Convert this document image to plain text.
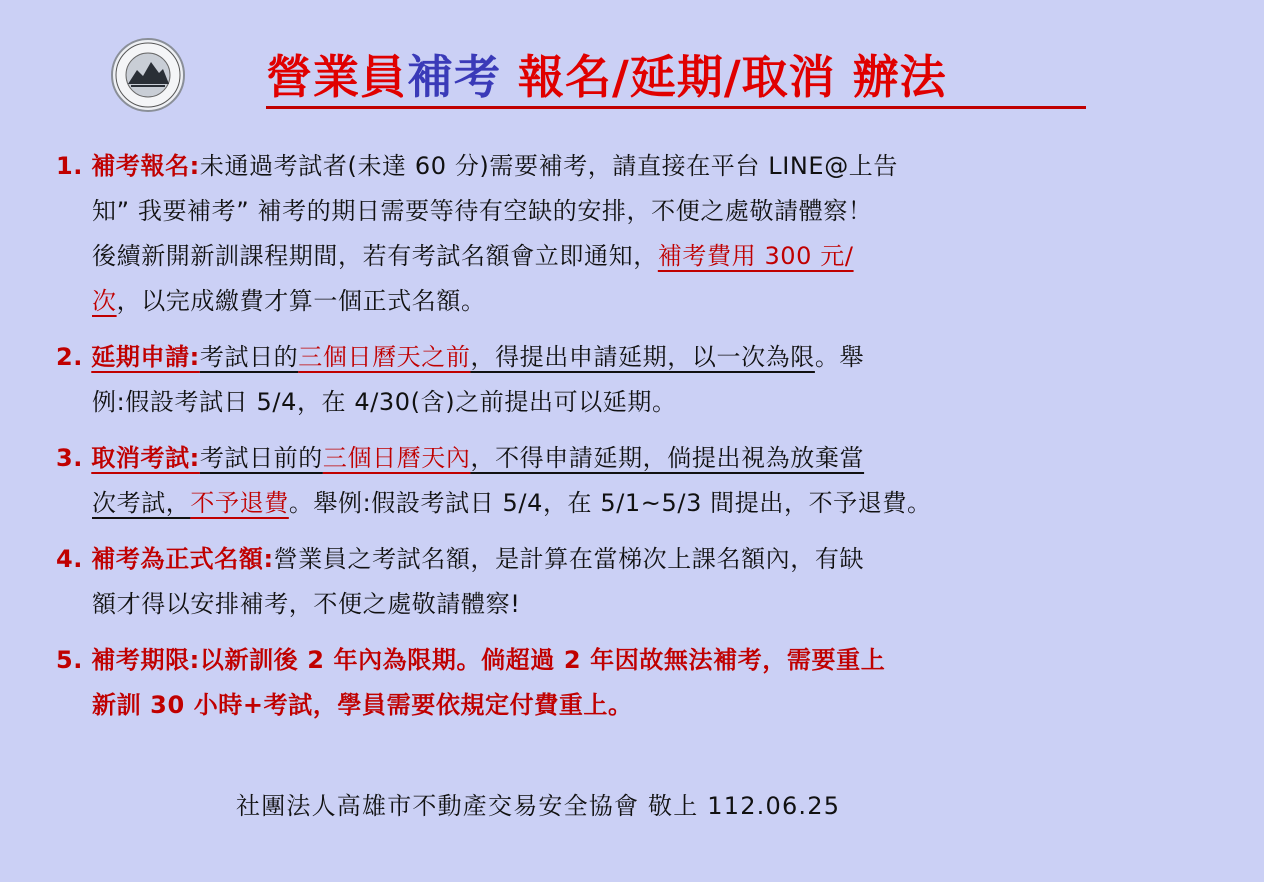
營業員補考 報名/延期/取消 辦法
1. 補考報名:未通過考試者(未達 60 分)需要補考，請直接在平台 LINE@上告
知” 我要補考” 補考的期日需要等待有空缺的安排，不便之處敬請體察！
後續新開新訓課程期間，若有考試名額會立即通知，補考費用 300 元/
次，以完成繳費才算一個正式名額。
2. 延期申請:考試日的三個日曆天之前，得提出申請延期，以一次為限。舉
例:假設考試日 5/4，在 4/30(含)之前提出可以延期。
3. 取消考試:考試日前的三個日曆天內，不得申請延期，倘提出視為放棄當
次考試，不予退費。舉例:假設考試日 5/4，在 5/1~5/3 間提出，不予退費。
4. 補考為正式名額:營業員之考試名額，是計算在當梯次上課名額內，有缺
額才得以安排補考，不便之處敬請體察!
5. 補考期限:以新訓後 2 年內為限期。倘超過 2 年因故無法補考，需要重上
新訓 30 小時+考試，學員需要依規定付費重上。
社團法人高雄市不動產交易安全協會 敬上 112.06.25
